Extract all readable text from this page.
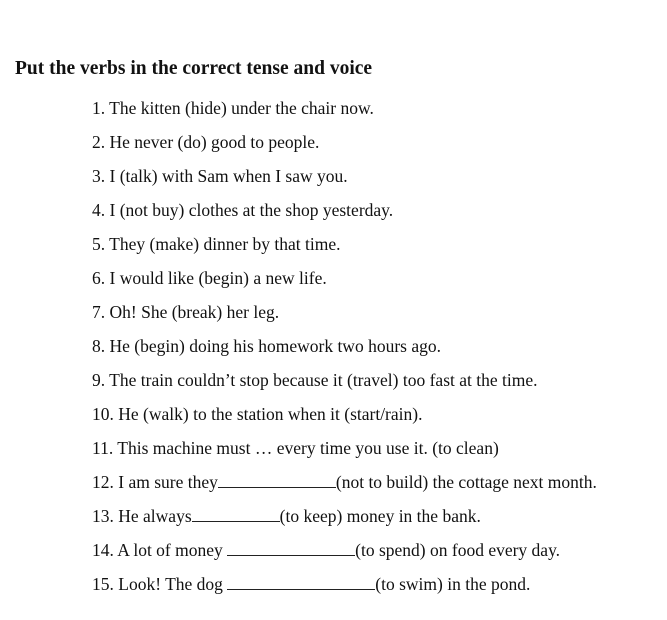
Put the verbs in the correct tense and voice
1. The kitten (hide) under the chair now.
2. He never (do) good to people.
3. I (talk) with Sam when I saw you.
4. I (not buy) clothes at the shop yesterday.
5. They (make) dinner by that time.
6. I would like (begin) a new life.
7. Oh! She (break) her leg.
8. He (begin) doing his homework two hours ago.
9. The train couldn’t stop because it (travel) too fast at the time.
10. He (walk) to the station when it (start/rain).
11. This machine must … every time you use it. (to clean)
12. I am sure they	(not to build) the cottage next month.
13. He always	(to keep) money in the bank.
14. A lot of money	(to spend) on food every day.
15. Look! The dog	(to swim) in the pond.
